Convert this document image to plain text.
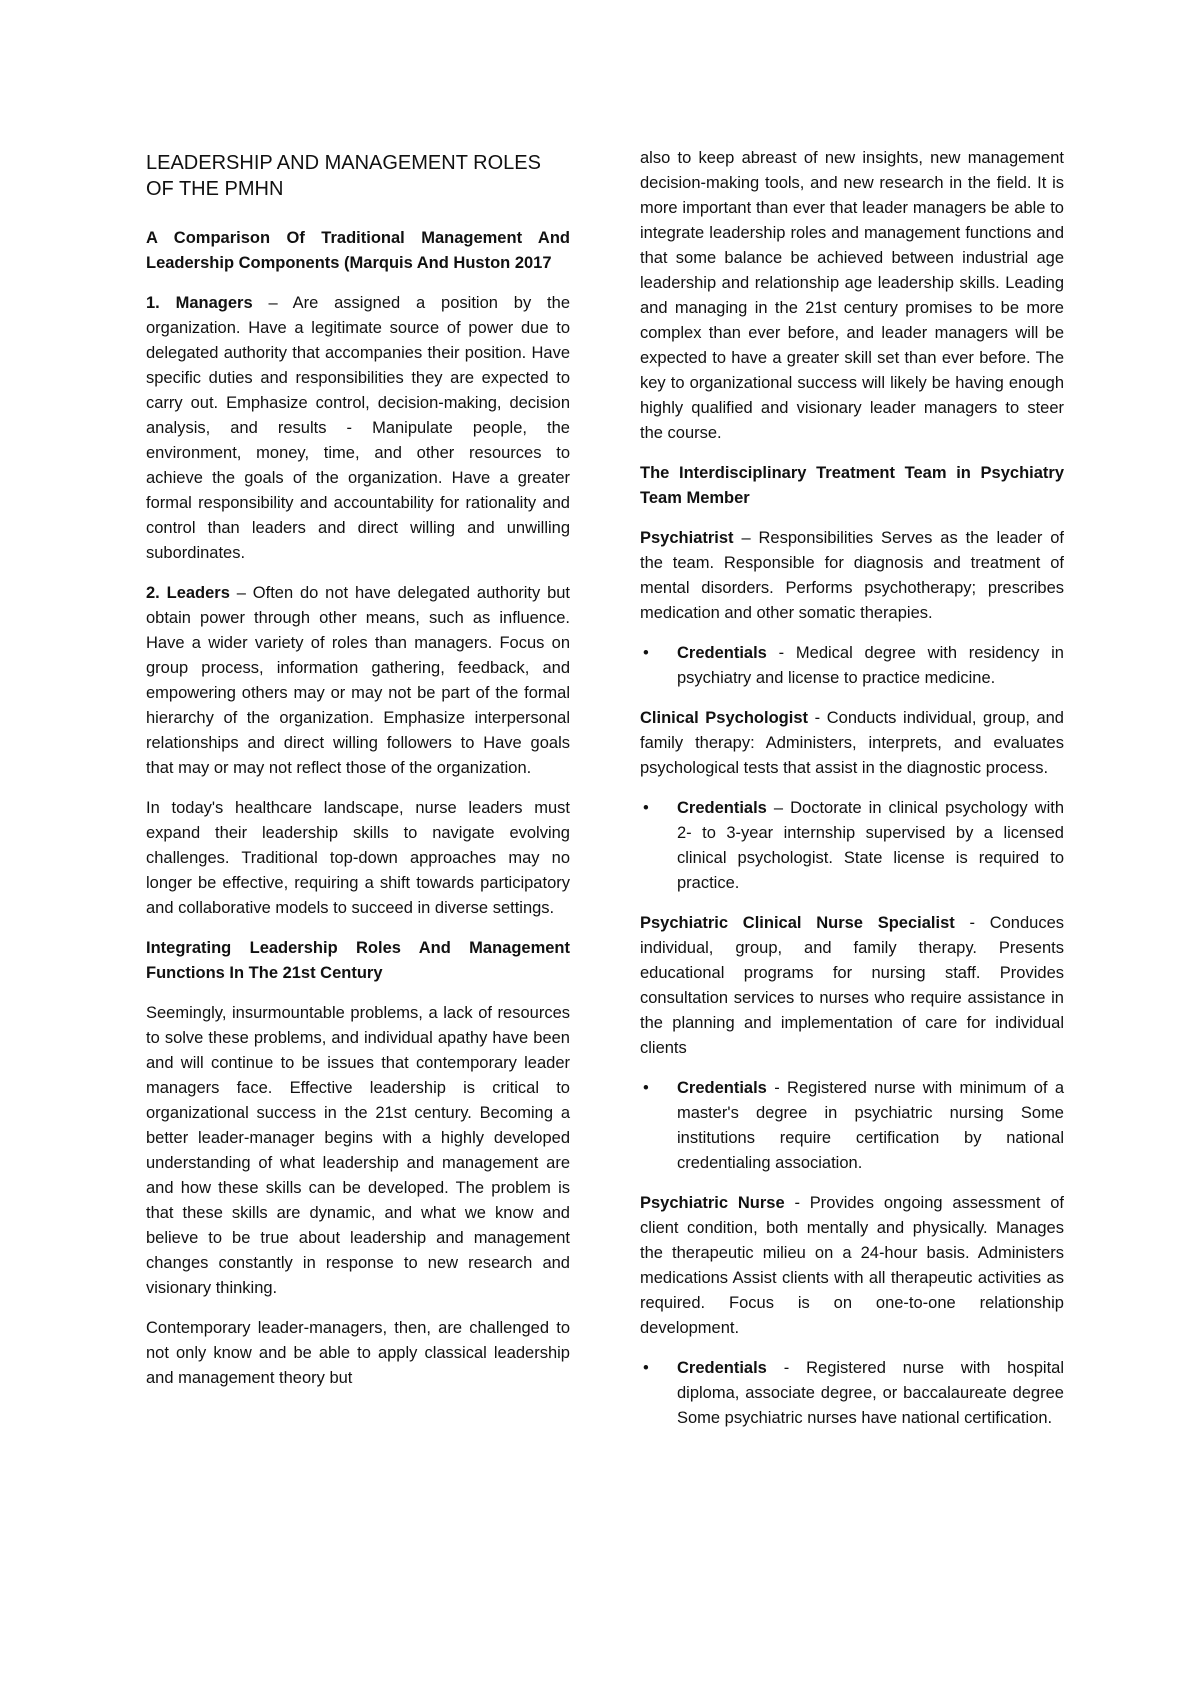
LEADERSHIP AND MANAGEMENT ROLES OF THE PMHN

A Comparison Of Traditional Management And Leadership Components (Marquis And Huston 2017

1. Managers – Are assigned a position by the organization. Have a legitimate source of power due to delegated authority that accompanies their position. Have specific duties and responsibilities they are expected to carry out. Emphasize control, decision-making, decision analysis, and results - Manipulate people, the environment, money, time, and other resources to achieve the goals of the organization. Have a greater formal responsibility and accountability for rationality and control than leaders and direct willing and unwilling subordinates.

2. Leaders – Often do not have delegated authority but obtain power through other means, such as influence. Have a wider variety of roles than managers. Focus on group process, information gathering, feedback, and empowering others may or may not be part of the formal hierarchy of the organization. Emphasize interpersonal relationships and direct willing followers to Have goals that may or may not reflect those of the organization.

In today's healthcare landscape, nurse leaders must expand their leadership skills to navigate evolving challenges. Traditional top-down approaches may no longer be effective, requiring a shift towards participatory and collaborative models to succeed in diverse settings.

Integrating Leadership Roles And Management Functions In The 21st Century

Seemingly, insurmountable problems, a lack of resources to solve these problems, and individual apathy have been and will continue to be issues that contemporary leader managers face. Effective leadership is critical to organizational success in the 21st century. Becoming a better leader-manager begins with a highly developed understanding of what leadership and management are and how these skills can be developed. The problem is that these skills are dynamic, and what we know and believe to be true about leadership and management changes constantly in response to new research and visionary thinking.

Contemporary leader-managers, then, are challenged to not only know and be able to apply classical leadership and management theory but

also to keep abreast of new insights, new management decision-making tools, and new research in the field. It is more important than ever that leader managers be able to integrate leadership roles and management functions and that some balance be achieved between industrial age leadership and relationship age leadership skills. Leading and managing in the 21st century promises to be more complex than ever before, and leader managers will be expected to have a greater skill set than ever before. The key to organizational success will likely be having enough highly qualified and visionary leader managers to steer the course.

The Interdisciplinary Treatment Team in Psychiatry Team Member

Psychiatrist – Responsibilities Serves as the leader of the team. Responsible for diagnosis and treatment of mental disorders. Performs psychotherapy; prescribes medication and other somatic therapies.

• Credentials - Medical degree with residency in psychiatry and license to practice medicine.

Clinical Psychologist - Conducts individual, group, and family therapy: Administers, interprets, and evaluates psychological tests that assist in the diagnostic process.

• Credentials – Doctorate in clinical psychology with 2- to 3-year internship supervised by a licensed clinical psychologist. State license is required to practice.

Psychiatric Clinical Nurse Specialist - Conduces individual, group, and family therapy. Presents educational programs for nursing staff. Provides consultation services to nurses who require assistance in the planning and implementation of care for individual clients

• Credentials - Registered nurse with minimum of a master's degree in psychiatric nursing Some institutions require certification by national credentialing association.

Psychiatric Nurse - Provides ongoing assessment of client condition, both mentally and physically. Manages the therapeutic milieu on a 24-hour basis. Administers medications Assist clients with all therapeutic activities as required. Focus is on one-to-one relationship development.

• Credentials - Registered nurse with hospital diploma, associate degree, or baccalaureate degree Some psychiatric nurses have national certification.
